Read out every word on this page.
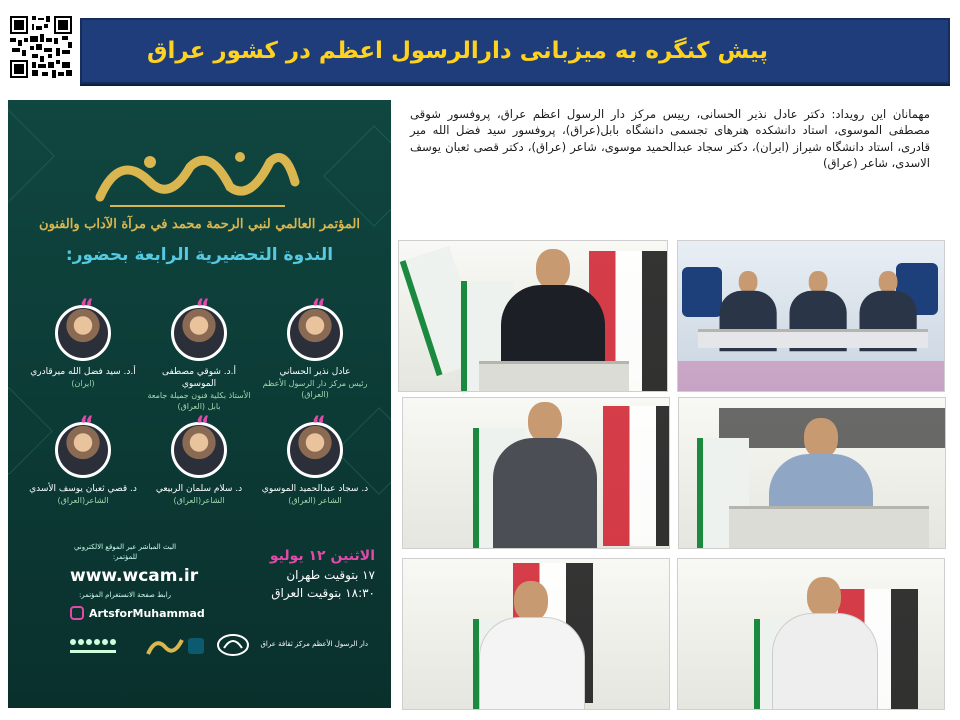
پیش کنگره به میزبانی دارالرسول اعظم در کشور عراق
المؤتمر العالمي لنبي الرحمة محمد في مرآة الآداب والفنون
الندوة التحضيرية الرابعة بحضور:
“
عادل نذير الحساني
رئيس مركز دار الرسول الأعظم (العراق)
“
أ.د. شوقي مصطفى الموسوي
الأستاذ بكلية فنون جميلة جامعة بابل (العراق)
“
أ.د. سيد فضل الله ميرقادري
(ايران)
“
د. سجاد عبدالحميد الموسوي
الشاعر (العراق)
“
د. سلام سلمان الربيعي
الشاعر(العراق)
“
د. قصي ثعبان يوسف الأسدي
الشاعر(العراق)
الاثنين ١٢ يوليو
١٧ بتوقيت طهران
١٨:٣٠ بتوقيت العراق
البث المباشر عبر الموقع الالكتروني للمؤتمر:
www.wcam.ir
رابط صفحة الانستغرام المؤتمر:
ArtsforMuhammad
دار الرسول الأعظم مركز ثقافة عراق
مهمانان این رویداد: دکتر عادل نذیر الحسانی، رییس مرکز دار الرسول اعظم عراق، پروفسور شوقی مصطفی الموسوی، استاد دانشکده هنرهای تجسمی دانشگاه بابل(عراق)، پروفسور سید فضل الله میر قادری، استاد دانشگاه شیراز (ایران)، دکتر سجاد عبدالحمید موسوی، شاعر (عراق)، دکتر قصی ثعبان یوسف الاسدی، شاعر (عراق)
